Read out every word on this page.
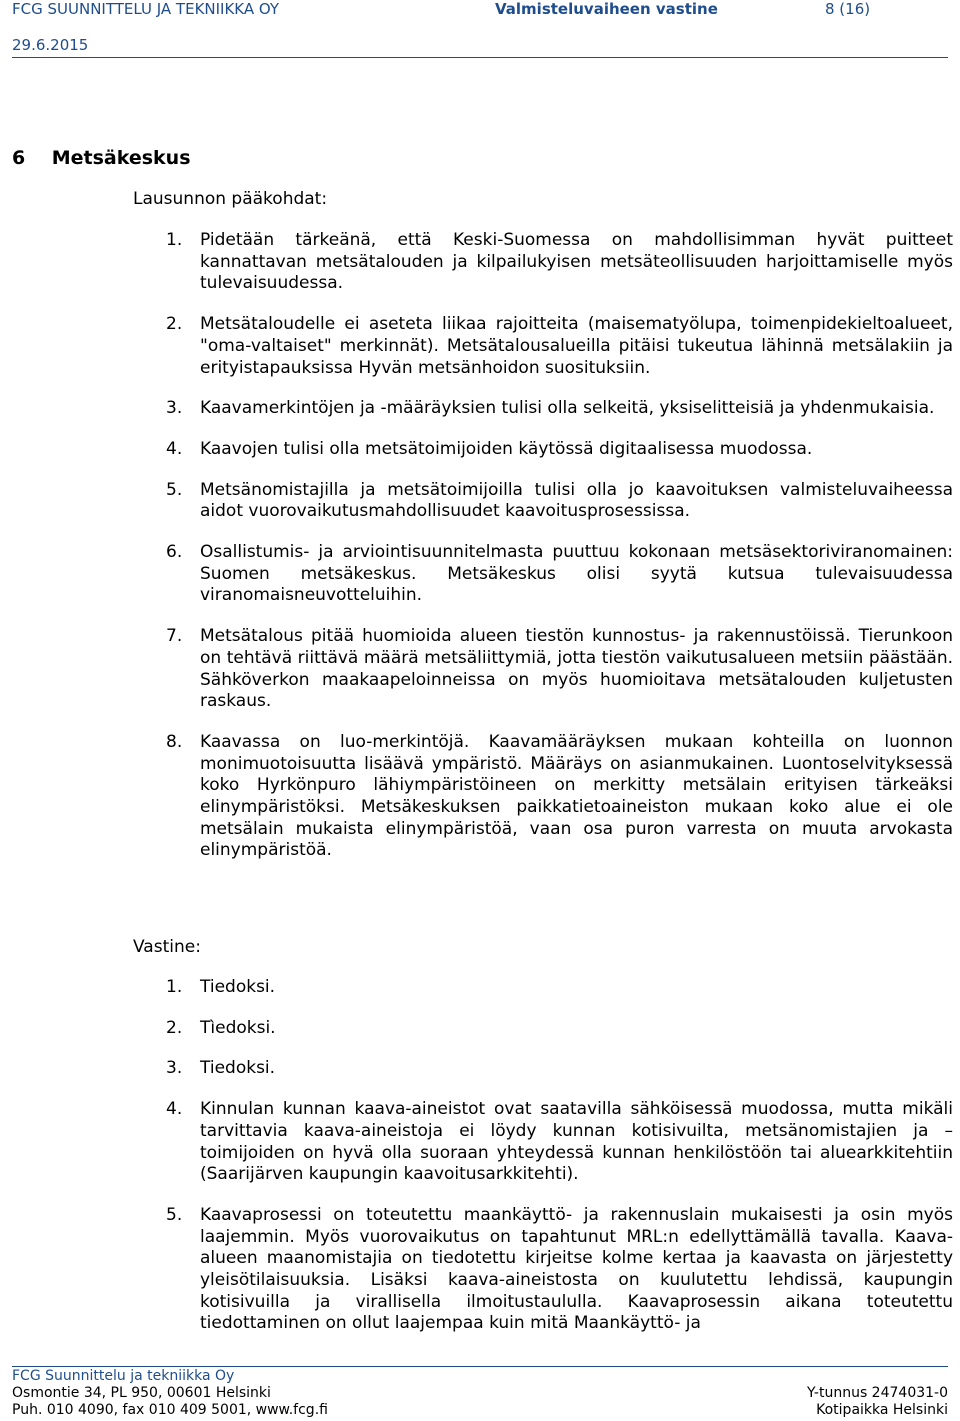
FCG SUUNNITTELU JA TEKNIIKKA OY
29.6.2015
Valmisteluvaiheen vastine	8 (16)
6 Metsäkeskus
Lausunnon pääkohdat:
1. Pidetään tärkeänä, että Keski-Suomessa on mahdollisimman hyvät puitteet kannattavan metsätalouden ja kilpailukyisen metsäteollisuuden harjoittamiselle myös tulevaisuudessa.
2. Metsätaloudelle ei aseteta liikaa rajoitteita (maisematyölupa, toimenpidekieltoalueet, "oma-valtaiset" merkinnät). Metsätalousalueilla pitäisi tukeutua lähinnä metsälakiin ja erityistapauksissa Hyvän metsänhoidon suosituksiin.
3. Kaavamerkintöjen ja -määräyksien tulisi olla selkeitä, yksiselitteisiä ja yhdenmukaisia.
4. Kaavojen tulisi olla metsätoimijoiden käytössä digitaalisessa muodossa.
5. Metsänomistajilla ja metsätoimijoilla tulisi olla jo kaavoituksen valmisteluvaiheessa aidot vuorovaikutusmahdollisuudet kaavoitusprosessissa.
6. Osallistumis- ja arviointisuunnitelmasta puuttuu kokonaan metsäsektoriviranomainen: Suomen metsäkeskus. Metsäkeskus olisi syytä kutsua tulevaisuudessa viranomaisneuvotteluihin.
7. Metsätalous pitää huomioida alueen tiestön kunnostus- ja rakennustöissä. Tierunkoon on tehtävä riittävä määrä metsäliittymiä, jotta tiestön vaikutusalueen metsiin päästään. Sähköverkon maakaapeloinneissa on myös huomioitava metsätalouden kuljetusten raskaus.
8. Kaavassa on luo-merkintöjä. Kaavamääräyksen mukaan kohteilla on luonnon monimuotoisuutta lisäävä ympäristö. Määräys on asianmukainen. Luontoselvityksessä koko Hyrkönpuro lähiympäristöineen on merkitty metsälain erityisen tärkeäksi elinympäristöksi. Metsäkeskuksen paikkatietoaineiston mukaan koko alue ei ole metsälain mukaista elinympäristöä, vaan osa puron varresta on muuta arvokasta elinympäristöä.
Vastine:
1. Tiedoksi.
2. Tìedoksi.
3. Tiedoksi.
4. Kinnulan kunnan kaava-aineistot ovat saatavilla sähköisessä muodossa, mutta mikäli tarvittavia kaava-aineistoja ei löydy kunnan kotisivuilta, metsänomistajien ja –toimijoiden on hyvä olla suoraan yhteydessä kunnan henkilöstöön tai aluearkkitehtiin (Saarijärven kaupungin kaavoitusarkkitehti).
5. Kaavaprosessi on toteutettu maankäyttö- ja rakennuslain mukaisesti ja osin myös laajemmin. Myös vuorovaikutus on tapahtunut MRL:n edellyttämällä tavalla. Kaava-alueen maanomistajia on tiedotettu kirjeitse kolme kertaa ja kaavasta on järjestetty yleisötilaisuuksia. Lisäksi kaava-aineistosta on kuulutettu lehdissä, kaupungin kotisivuilla ja virallisella ilmoitustaululla. Kaavaprosessin aikana toteutettu tiedottaminen on ollut laajempaa kuin mitä Maankäyttö- ja
FCG Suunnittelu ja tekniikka Oy
Osmontie 34, PL 950, 00601 Helsinki
Puh. 010 4090, fax 010 409 5001, www.fcg.fi
Y-tunnus 2474031-0
Kotipaikka Helsinki
